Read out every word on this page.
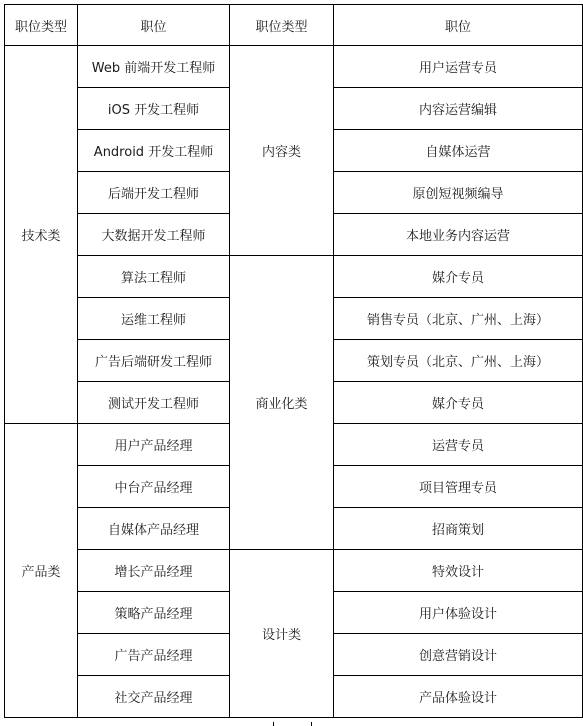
职位类型	职位	职位类型	职位
技术类	Web 前端开发工程师	内容类	用户运营专员
	iOS 开发工程师		内容运营编辑
	Android 开发工程师		自媒体运营
	后端开发工程师		原创短视频编导
	大数据开发工程师		本地业务内容运营
	算法工程师	商业化类	媒介专员
	运维工程师		销售专员（北京、广州、上海）
	广告后端研发工程师		策划专员（北京、广州、上海）
	测试开发工程师		媒介专员
产品类	用户产品经理		运营专员
	中台产品经理		项目管理专员
	自媒体产品经理		招商策划
	增长产品经理	设计类	特效设计
	策略产品经理		用户体验设计
	广告产品经理		创意营销设计
	社交产品经理		产品体验设计
